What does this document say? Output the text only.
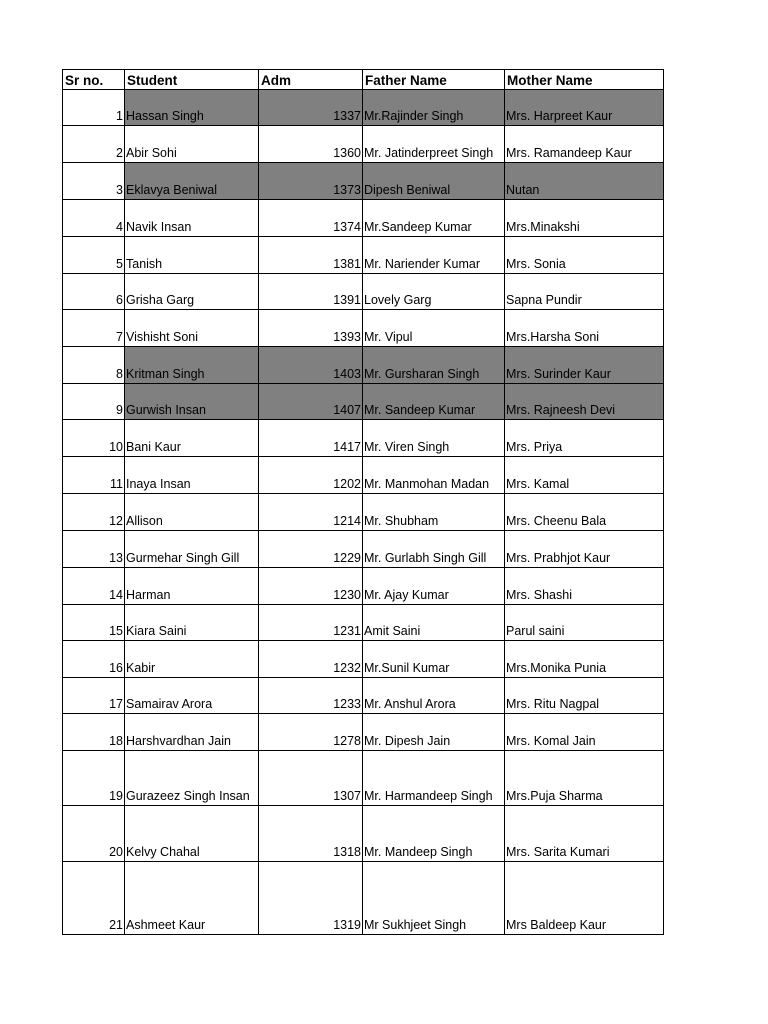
Sr no.	Student	Adm	Father Name	Mother Name
1	Hassan Singh	1337	Mr.Rajinder Singh	Mrs. Harpreet Kaur
2	Abir Sohi	1360	Mr. Jatinderpreet Singh	Mrs. Ramandeep Kaur
3	Eklavya Beniwal	1373	Dipesh Beniwal	Nutan
4	Navik Insan	1374	Mr.Sandeep Kumar	Mrs.Minakshi
5	Tanish	1381	Mr. Nariender Kumar	Mrs. Sonia
6	Grisha Garg	1391	Lovely Garg	Sapna Pundir
7	Vishisht Soni	1393	Mr. Vipul	Mrs.Harsha Soni
8	Kritman Singh	1403	Mr. Gursharan Singh	Mrs. Surinder Kaur
9	Gurwish Insan	1407	Mr. Sandeep Kumar	Mrs. Rajneesh Devi
10	Bani Kaur	1417	Mr. Viren Singh	Mrs. Priya
11	Inaya Insan	1202	Mr. Manmohan Madan	Mrs. Kamal
12	Allison	1214	Mr. Shubham	Mrs. Cheenu Bala
13	Gurmehar Singh Gill	1229	Mr. Gurlabh Singh Gill	Mrs. Prabhjot Kaur
14	Harman	1230	Mr. Ajay Kumar	Mrs. Shashi
15	Kiara Saini	1231	Amit Saini	Parul saini
16	Kabir	1232	Mr.Sunil Kumar	Mrs.Monika Punia
17	Samairav Arora	1233	Mr. Anshul Arora	Mrs. Ritu Nagpal
18	Harshvardhan Jain	1278	Mr. Dipesh Jain	Mrs. Komal Jain
19	Gurazeez Singh Insan	1307	Mr. Harmandeep Singh	Mrs.Puja Sharma
20	Kelvy Chahal	1318	Mr. Mandeep Singh	Mrs. Sarita Kumari
21	Ashmeet Kaur	1319	Mr Sukhjeet Singh	Mrs Baldeep Kaur
